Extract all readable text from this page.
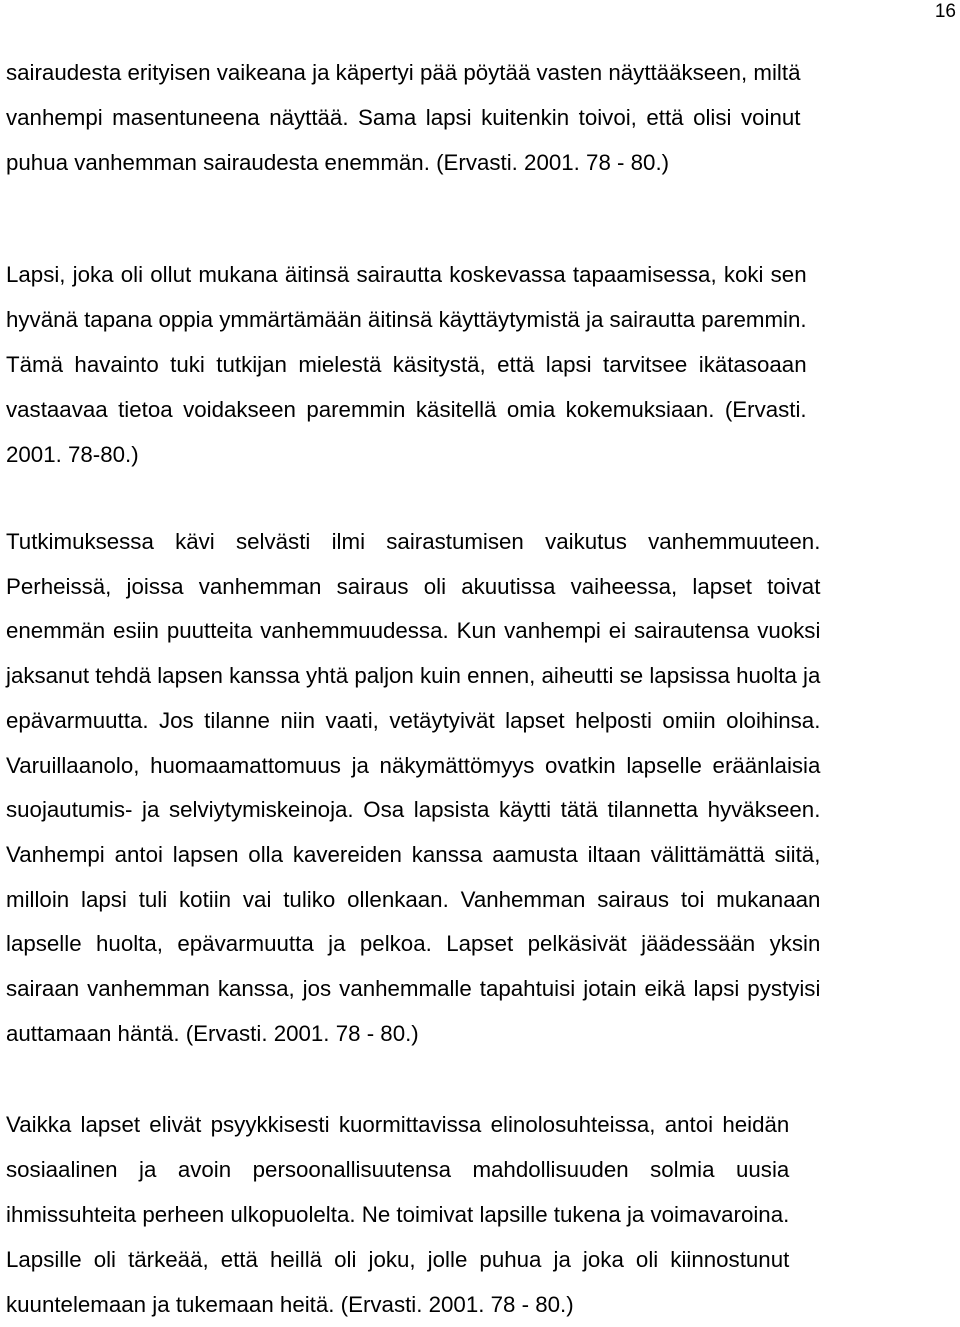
16

sairaudesta erityisen vaikeana ja käpertyi pää pöytää vasten näyttääkseen, miltä
vanhempi masentuneena näyttää. Sama lapsi kuitenkin toivoi, että olisi voinut
puhua vanhemman sairaudesta enemmän. (Ervasti. 2001. 78 - 80.)

Lapsi, joka oli ollut mukana äitinsä sairautta koskevassa tapaamisessa, koki sen
hyvänä tapana oppia ymmärtämään äitinsä käyttäytymistä ja sairautta paremmin.
Tämä havainto tuki tutkijan mielestä käsitystä, että lapsi tarvitsee ikätasoaan
vastaavaa tietoa voidakseen paremmin käsitellä omia kokemuksiaan. (Ervasti.
2001. 78-80.)

Tutkimuksessa kävi selvästi ilmi sairastumisen vaikutus vanhemmuuteen.
Perheissä, joissa vanhemman sairaus oli akuutissa vaiheessa, lapset toivat
enemmän esiin puutteita vanhemmuudessa. Kun vanhempi ei sairautensa vuoksi
jaksanut tehdä lapsen kanssa yhtä paljon kuin ennen, aiheutti se lapsissa huolta ja
epävarmuutta. Jos tilanne niin vaati, vetäytyivät lapset helposti omiin oloihinsa.
Varuillaanolo, huomaamattomuus ja näkymättömyys ovatkin lapselle eräänlaisia
suojautumis- ja selviytymiskeinoja. Osa lapsista käytti tätä tilannetta hyväkseen.
Vanhempi antoi lapsen olla kavereiden kanssa aamusta iltaan välittämättä siitä,
milloin lapsi tuli kotiin vai tuliko ollenkaan. Vanhemman sairaus toi mukanaan
lapselle huolta, epävarmuutta ja pelkoa. Lapset pelkäsivät jäädessään yksin
sairaan vanhemman kanssa, jos vanhemmalle tapahtuisi jotain eikä lapsi pystyisi
auttamaan häntä. (Ervasti. 2001. 78 - 80.)

Vaikka lapset elivät psyykkisesti kuormittavissa elinolosuhteissa, antoi heidän
sosiaalinen ja avoin persoonallisuutensa mahdollisuuden solmia uusia
ihmissuhteita perheen ulkopuolelta. Ne toimivat lapsille tukena ja voimavaroina.
Lapsille oli tärkeää, että heillä oli joku, jolle puhua ja joka oli kiinnostunut
kuuntelemaan ja tukemaan heitä. (Ervasti. 2001. 78 - 80.)
